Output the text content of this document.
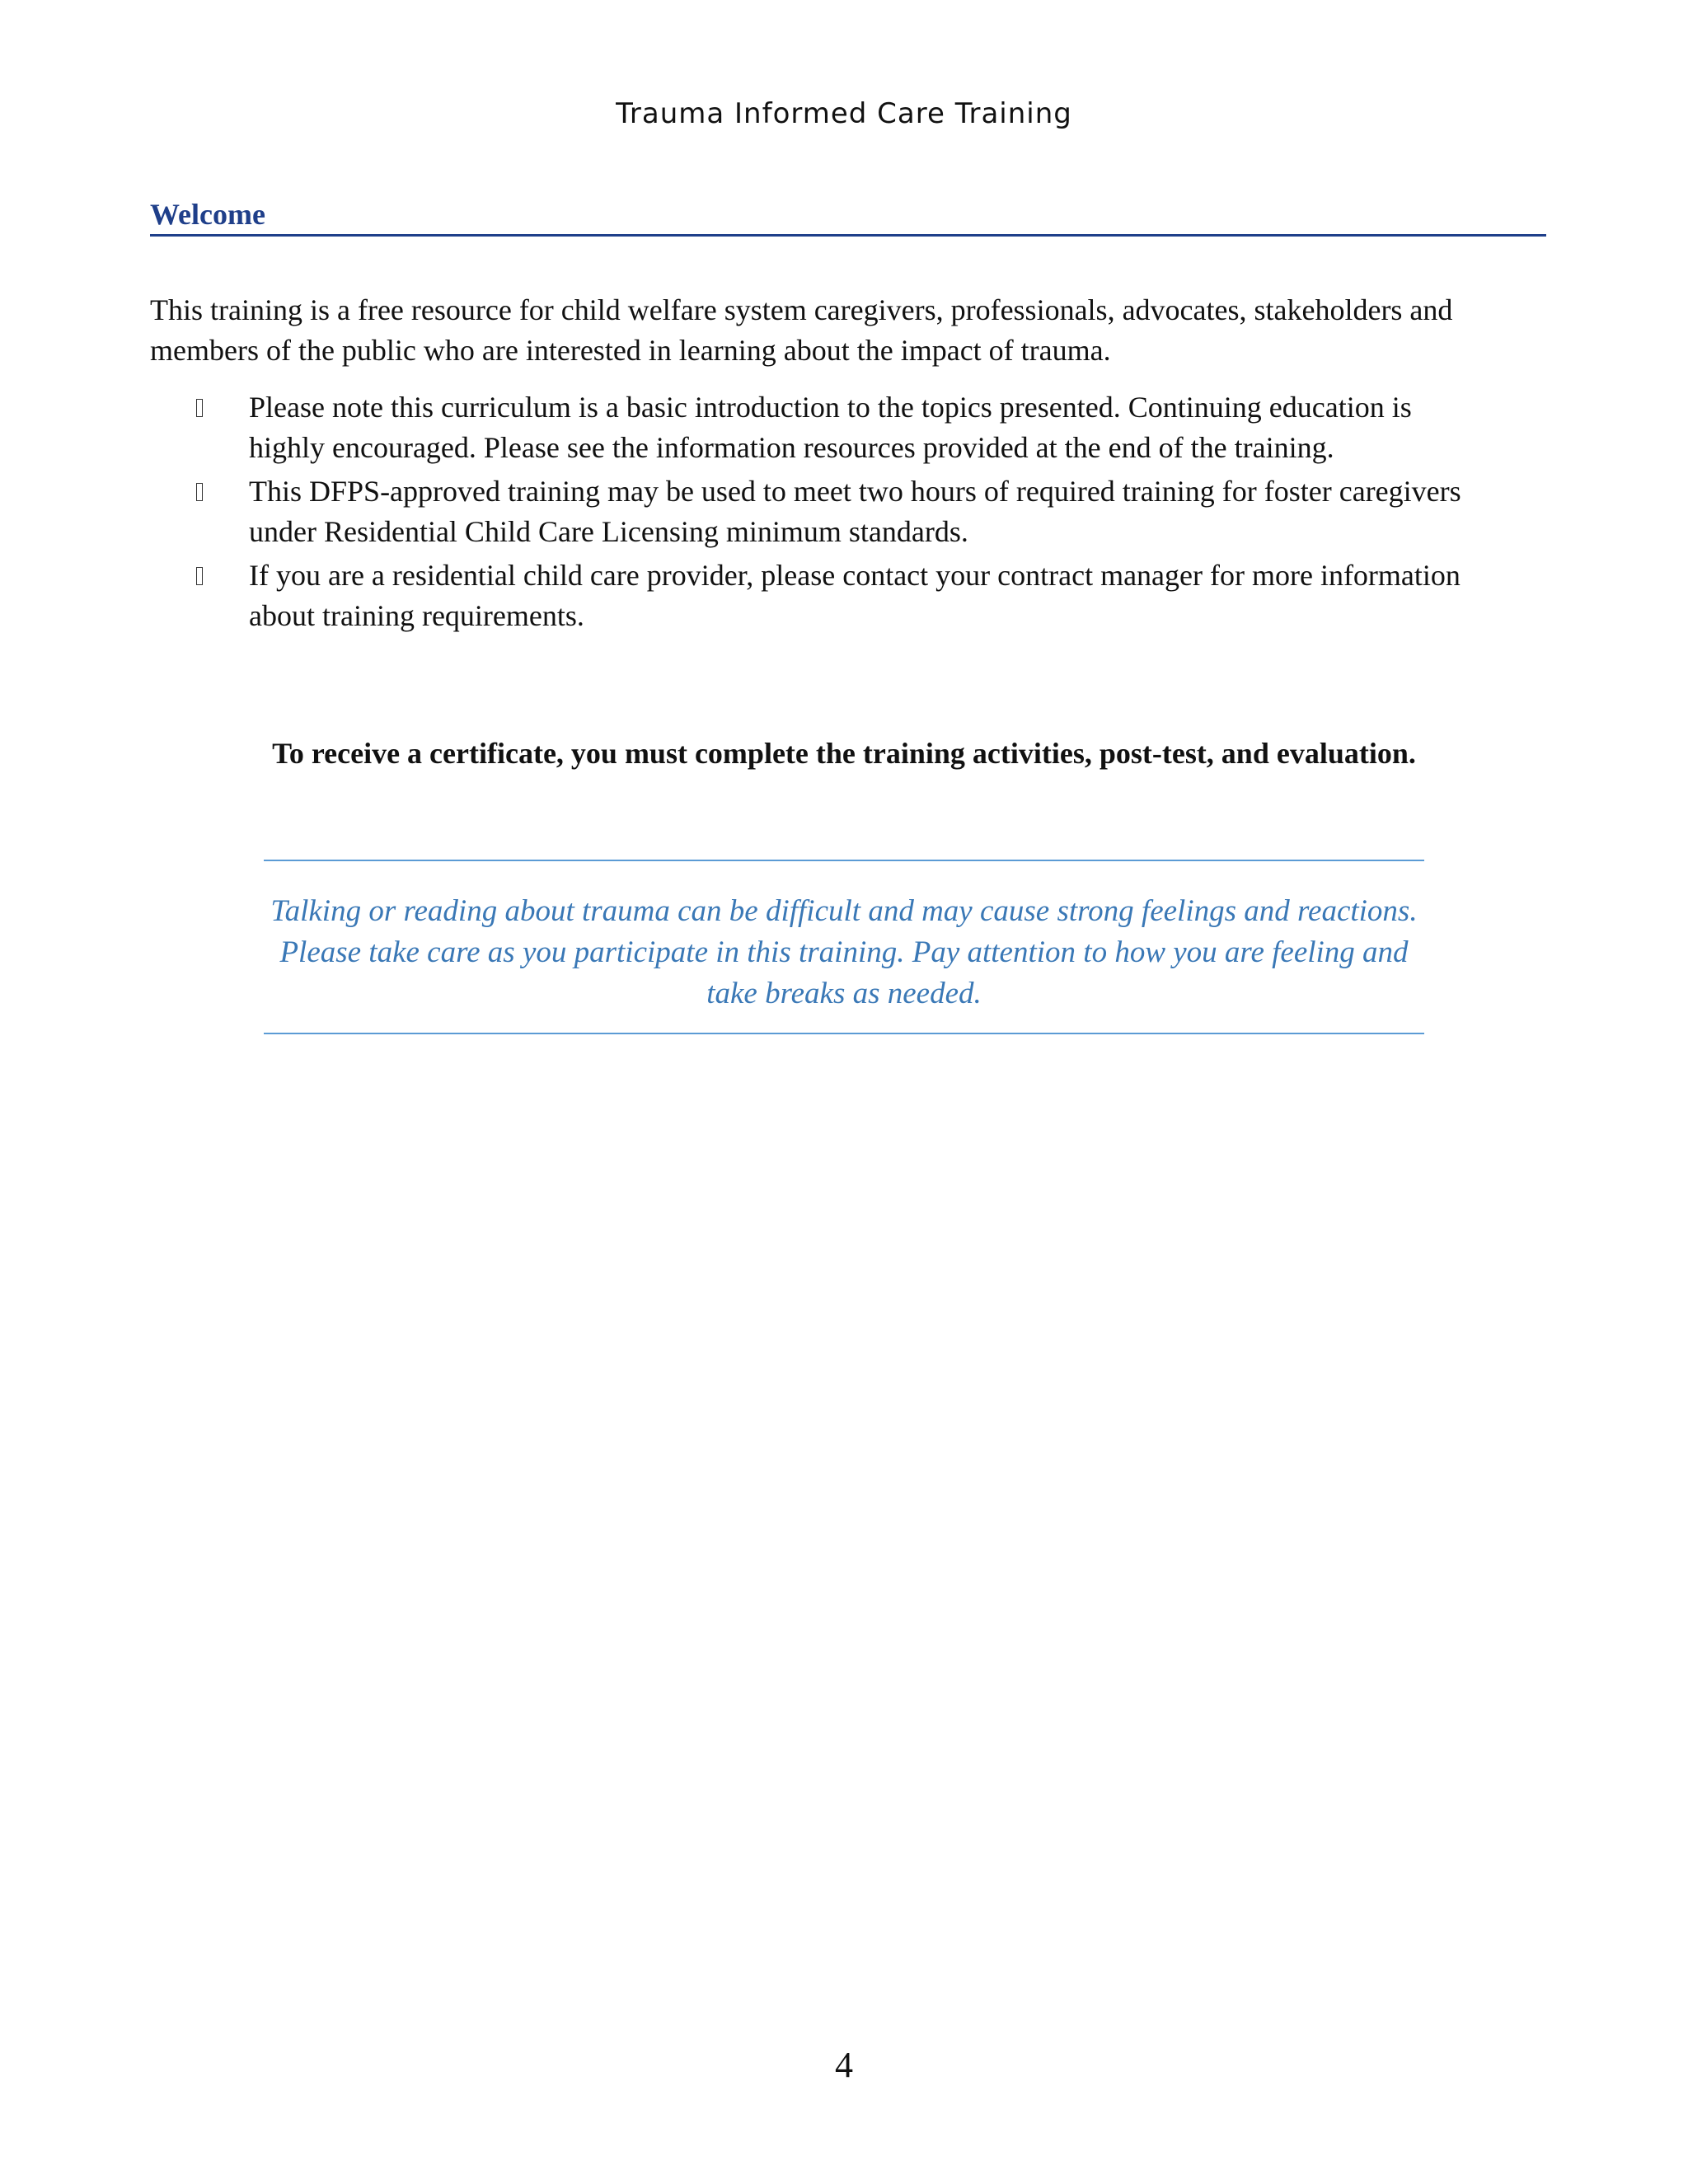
Trauma Informed Care Training
Welcome

This training is a free resource for child welfare system caregivers, professionals, advocates, stakeholders and members of the public who are interested in learning about the impact of trauma.

Please note this curriculum is a basic introduction to the topics presented. Continuing education is highly encouraged. Please see the information resources provided at the end of the training.
This DFPS-approved training may be used to meet two hours of required training for foster caregivers under Residential Child Care Licensing minimum standards.
If you are a residential child care provider, please contact your contract manager for more information about training requirements.
To receive a certificate, you must complete the training activities, post-test, and evaluation.

Talking or reading about trauma can be difficult and may cause strong feelings and reactions. Please take care as you participate in this training. Pay attention to how you are feeling and take breaks as needed.

4
